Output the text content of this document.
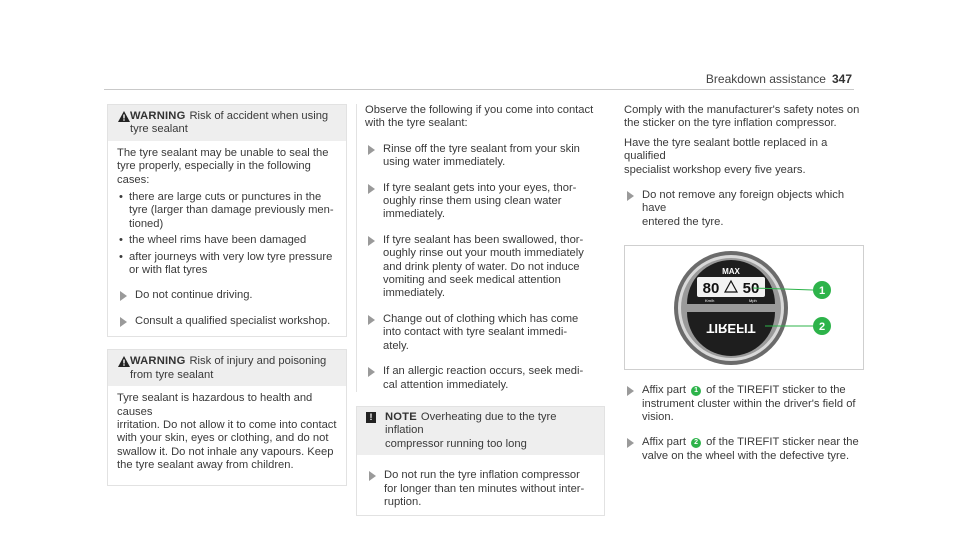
Breakdown assistance 347
WARNING Risk of accident when using
tyre sealant

The tyre sealant may be unable to seal the
tyre properly, especially in the following cases:

• there are large cuts or punctures in the
tyre (larger than damage previously men-
tioned)
• the wheel rims have been damaged
• after journeys with very low tyre pressure
or with flat tyres
Do not continue driving.
Consult a qualified specialist workshop.
WARNING Risk of injury and poisoning
from tyre sealant

Tyre sealant is hazardous to health and causes
irritation. Do not allow it to come into contact
with your skin, eyes or clothing, and do not
swallow it. Do not inhale any vapours. Keep
the tyre sealant away from children.

Observe the following if you come into contact
with the tyre sealant:

Rinse off the tyre sealant from your skin
using water immediately.
If tyre sealant gets into your eyes, thor-
oughly rinse them using clean water
immediately.
If tyre sealant has been swallowed, thor-
oughly rinse out your mouth immediately
and drink plenty of water. Do not induce
vomiting and seek medical attention
immediately.
Change out of clothing which has come
into contact with tyre sealant immedi-
ately.
If an allergic reaction occurs, seek medi-
cal attention immediately.
!	NOTE Overheating due to the tyre inflation
compressor running too long
Do not run the tyre inflation compressor
for longer than ten minutes without inter-
ruption.

Comply with the manufacturer's safety notes on
the sticker on the tyre inflation compressor.

Have the tyre sealant bottle replaced in a qualified
specialist workshop every five years.

Do not remove any foreign objects which have
entered the tyre.
MAX
80 50
Km/h	Mph
TIREFIT
1
2
Affix part 1 of the TIREFIT sticker to the
instrument cluster within the driver's field of
vision.
Affix part 2 of the TIREFIT sticker near the
valve on the wheel with the defective tyre.
